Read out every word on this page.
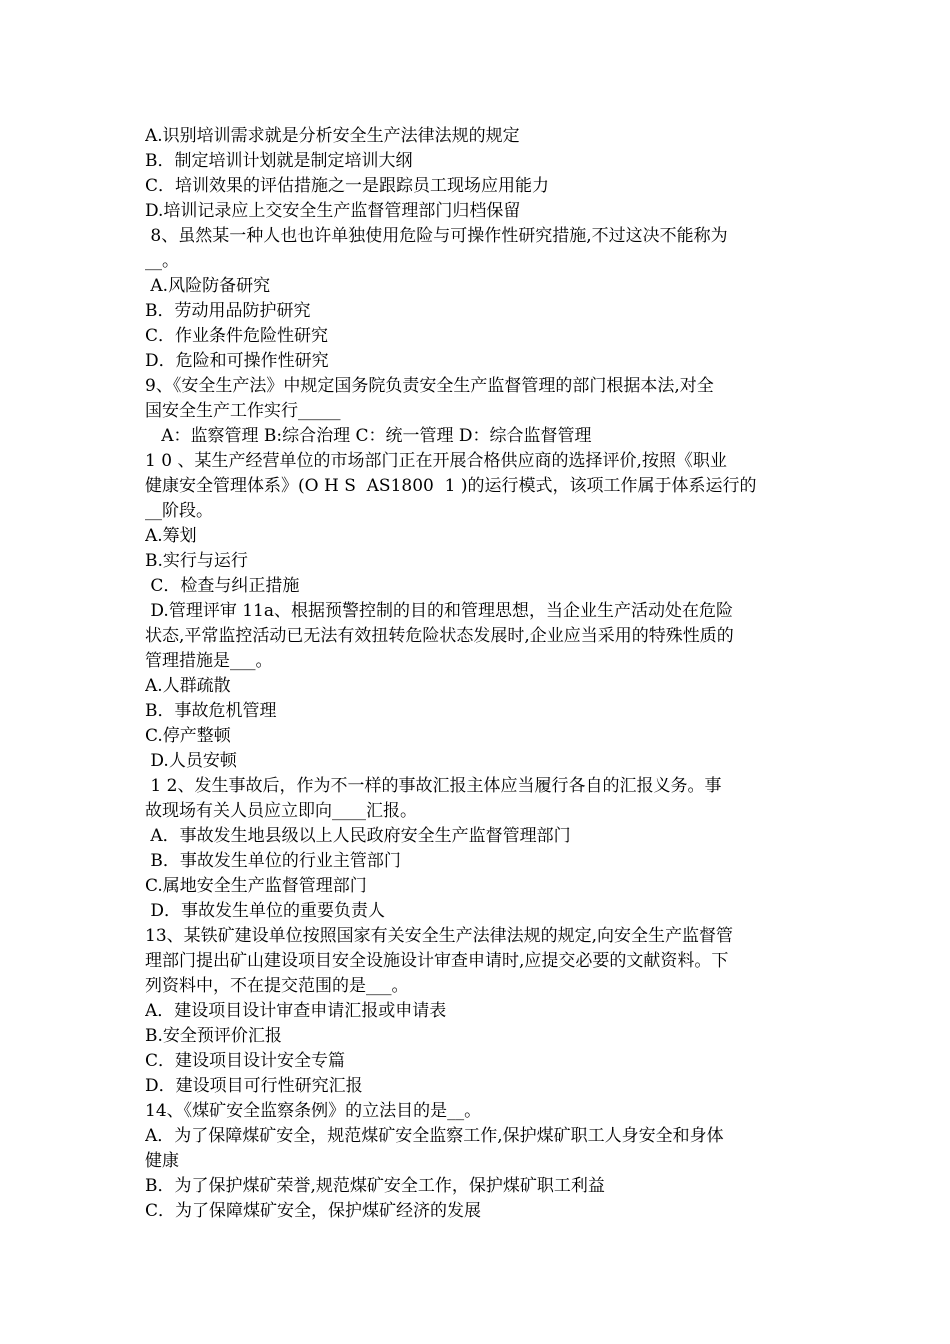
A.识别培训需求就是分析安全生产法律法规的规定
B．制定培训计划就是制定培训大纲
C．培训效果的评估措施之一是跟踪员工现场应用能力
D.培训记录应上交安全生产监督管理部门归档保留
8、虽然某一种人也也许单独使用危险与可操作性研究措施,不过这决不能称为
__。
A.风险防备研究
B．劳动用品防护研究
C．作业条件危险性研究
D．危险和可操作性研究
9、《安全生产法》中规定国务院负责安全生产监督管理的部门根据本法,对全
国安全生产工作实行_____
A：监察管理 B:综合治理 C：统一管理 D：综合监督管理
1 0 、某生产经营单位的市场部门正在开展合格供应商的选择评价,按照《职业
健康安全管理体系》(O H S  AS1800  1 )的运行模式，该项工作属于体系运行的
__阶段。
A.筹划
B.实行与运行
C．检查与纠正措施
D.管理评审 11a、根据预警控制的目的和管理思想，当企业生产活动处在危险
状态,平常监控活动已无法有效扭转危险状态发展时,企业应当采用的特殊性质的
管理措施是___。
A.人群疏散
B．事故危机管理
C.停产整顿
D.人员安顿
1 2、发生事故后，作为不一样的事故汇报主体应当履行各自的汇报义务。事
故现场有关人员应立即向____汇报。
A．事故发生地县级以上人民政府安全生产监督管理部门
B．事故发生单位的行业主管部门
C.属地安全生产监督管理部门
D．事故发生单位的重要负责人
13、某铁矿建设单位按照国家有关安全生产法律法规的规定,向安全生产监督管
理部门提出矿山建设项目安全设施设计审查申请时,应提交必要的文献资料。下
列资料中，不在提交范围的是___。
A．建设项目设计审查申请汇报或申请表
B.安全预评价汇报
C．建设项目设计安全专篇
D．建设项目可行性研究汇报
14、《煤矿安全监察条例》的立法目的是__。
A．为了保障煤矿安全，规范煤矿安全监察工作,保护煤矿职工人身安全和身体
健康
B．为了保护煤矿荣誉,规范煤矿安全工作，保护煤矿职工利益
C．为了保障煤矿安全，保护煤矿经济的发展
